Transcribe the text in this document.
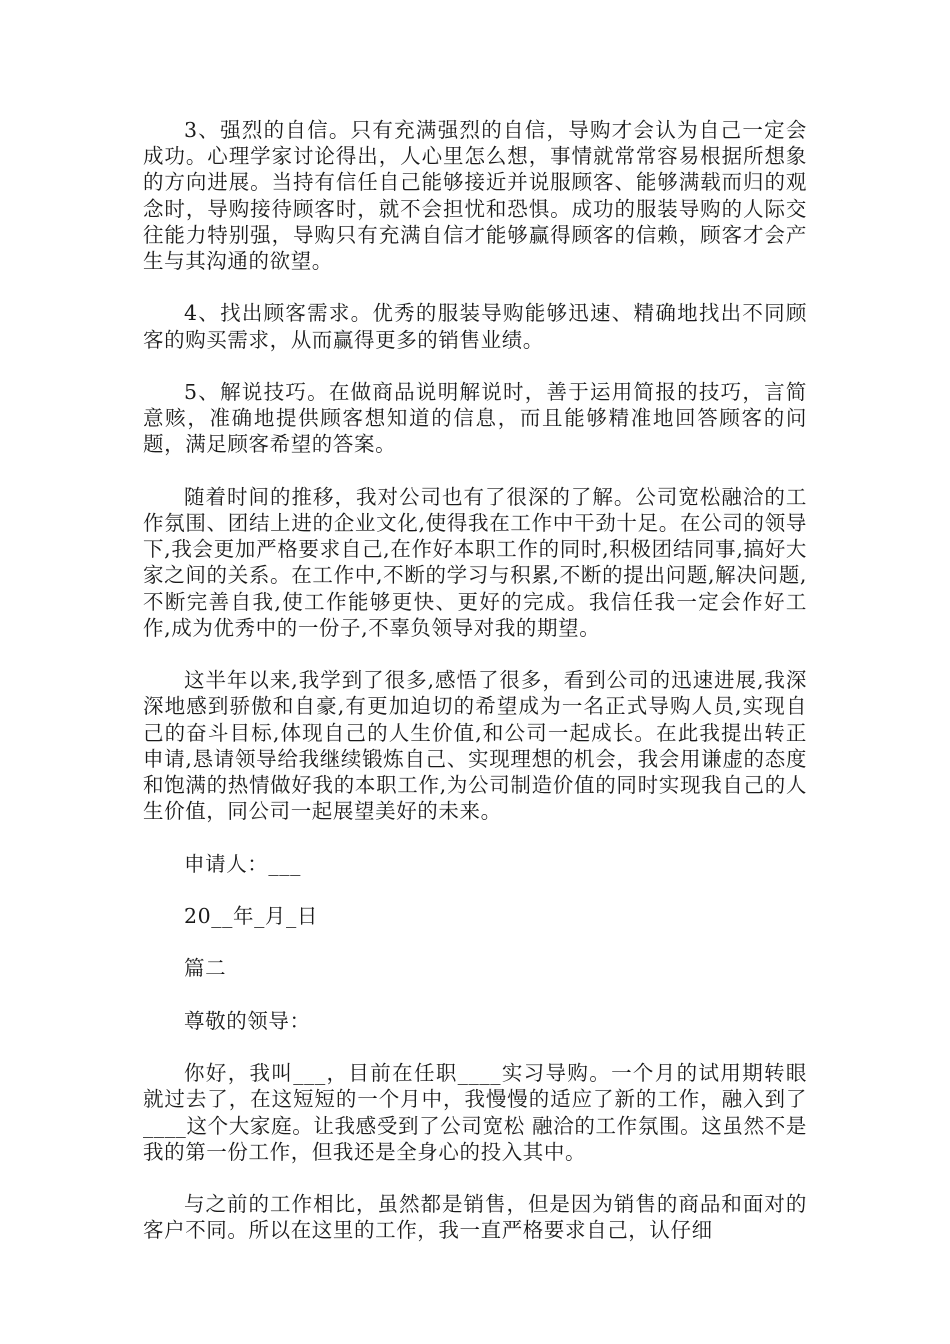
3、强烈的自信。只有充满强烈的自信，导购才会认为自己一定会成功。心理学家讨论得出，人心里怎么想，事情就常常容易根据所想象的方向进展。当持有信任自己能够接近并说服顾客、能够满载而归的观念时，导购接待顾客时，就不会担忧和恐惧。成功的服装导购的人际交往能力特别强，导购只有充满自信才能够赢得顾客的信赖，顾客才会产生与其沟通的欲望。

4、找出顾客需求。优秀的服装导购能够迅速、精确地找出不同顾客的购买需求，从而赢得更多的销售业绩。

5、解说技巧。在做商品说明解说时，善于运用简报的技巧，言简意赅，准确地提供顾客想知道的信息，而且能够精准地回答顾客的问题，满足顾客希望的答案。

随着时间的推移，我对公司也有了很深的了解。公司宽松融洽的工作氛围、团结上进的企业文化,使得我在工作中干劲十足。在公司的领导下,我会更加严格要求自己,在作好本职工作的同时,积极团结同事,搞好大家之间的关系。在工作中,不断的学习与积累,不断的提出问题,解决问题,不断完善自我,使工作能够更快、更好的完成。我信任我一定会作好工作,成为优秀中的一份子,不辜负领导对我的期望。

这半年以来,我学到了很多,感悟了很多，看到公司的迅速进展,我深深地感到骄傲和自豪,有更加迫切的希望成为一名正式导购人员,实现自己的奋斗目标,体现自己的人生价值,和公司一起成长。在此我提出转正申请,恳请领导给我继续锻炼自己、实现理想的机会，我会用谦虚的态度和饱满的热情做好我的本职工作,为公司制造价值的同时实现我自己的人生价值，同公司一起展望美好的未来。

申请人：___

20__年_月_日

篇二

尊敬的领导：

你好，我叫___，目前在任职____实习导购。一个月的试用期转眼就过去了，在这短短的一个月中，我慢慢的适应了新的工作，融入到了____这个大家庭。让我感受到了公司宽松 融洽的工作氛围。这虽然不是我的第一份工作，但我还是全身心的投入其中。

与之前的工作相比，虽然都是销售，但是因为销售的商品和面对的客户不同。所以在这里的工作，我一直严格要求自己，认仔细
